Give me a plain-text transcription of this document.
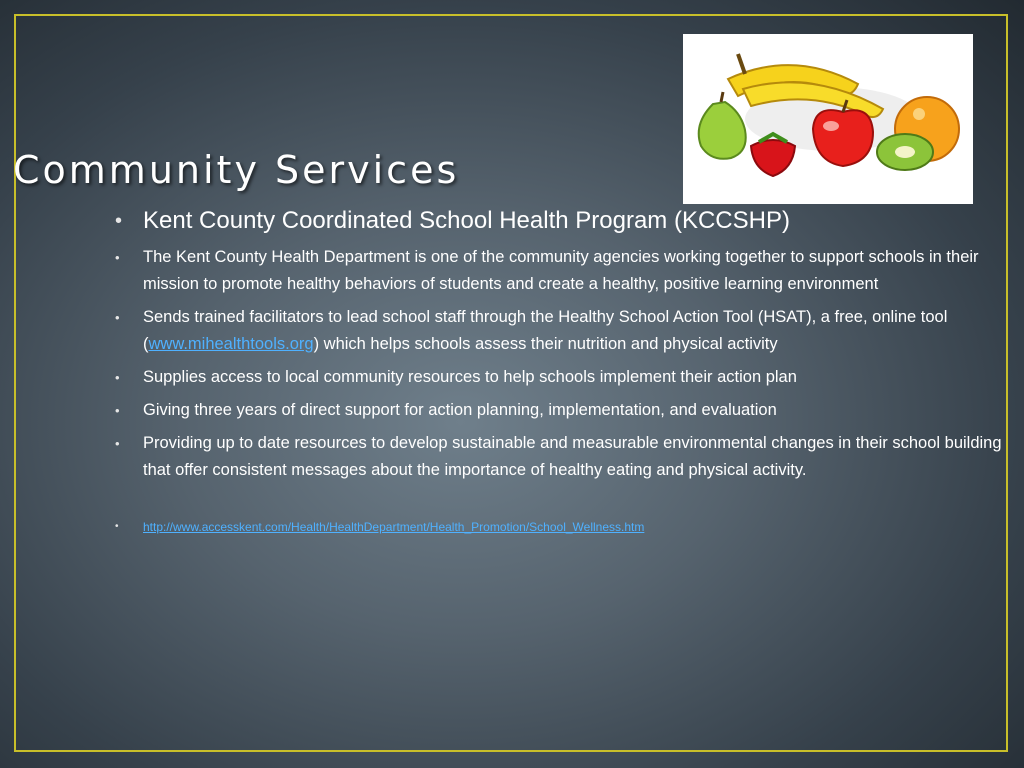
Community Services
• Kent County Coordinated School Health Program (KCCSHP)
• The Kent County Health Department is one of the community agencies working together to support schools in their mission to promote healthy behaviors of students and create a healthy, positive learning environment
• Sends trained facilitators to lead school staff through the Healthy School Action Tool (HSAT), a free, online tool (www.mihealthtools.org) which helps schools assess their nutrition and physical activity
• Supplies access to local community resources to help schools implement their action plan
• Giving three years of direct support for action planning, implementation, and evaluation
• Providing up to date resources to develop sustainable and measurable environmental changes in their school building that offer consistent messages about the importance of healthy eating and physical activity.
• http://www.accesskent.com/Health/HealthDepartment/Health_Promotion/School_Wellness.htm
